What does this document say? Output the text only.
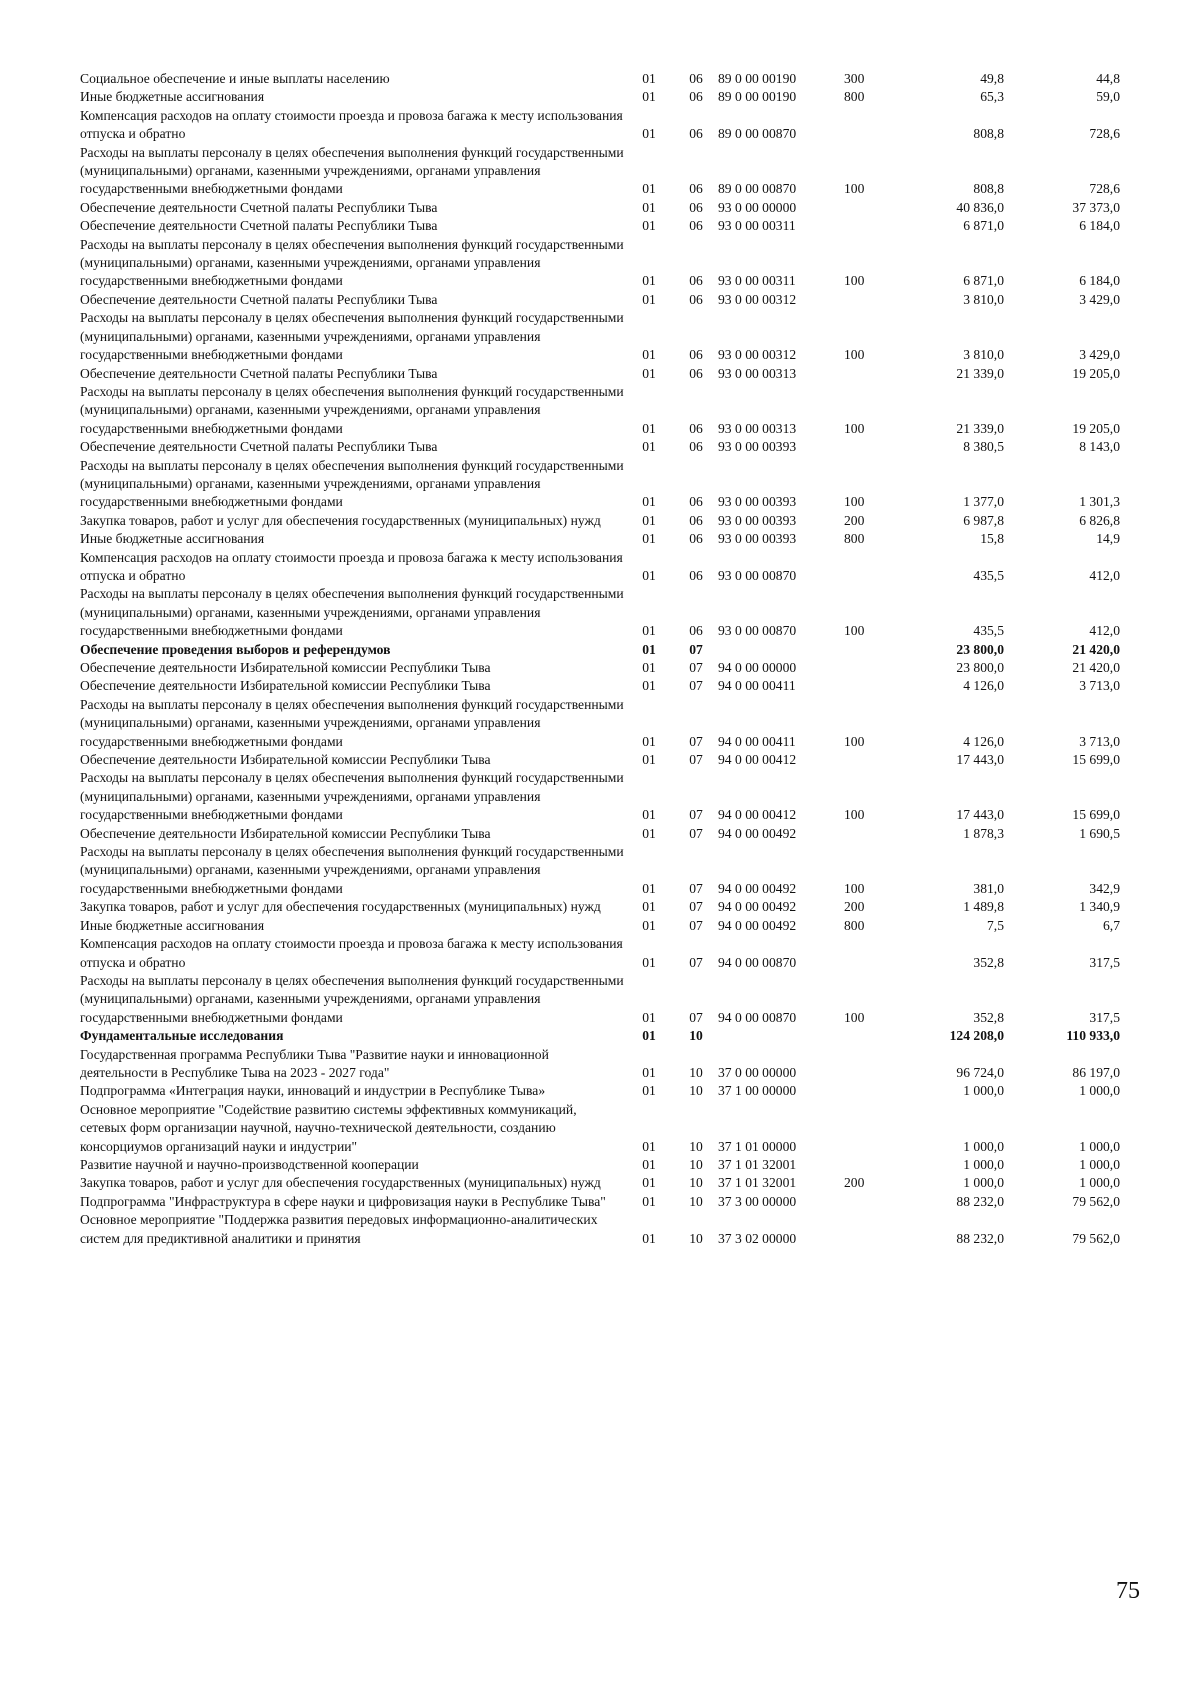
Социальное обеспечение и иные выплаты населению	01	06	89 0 00 00190	300	49,8	44,8
Иные бюджетные ассигнования	01	06	89 0 00 00190	800	65,3	59,0
Компенсация расходов на оплату стоимости проезда и провоза багажа к месту использования отпуска и обратно	01	06	89 0 00 00870		808,8	728,6
Расходы на выплаты персоналу в целях обеспечения выполнения функций государственными (муниципальными) органами, казенными учреждениями, органами управления государственными внебюджетными фондами	01	06	89 0 00 00870	100	808,8	728,6
Обеспечение деятельности Счетной палаты Республики Тыва	01	06	93 0 00 00000		40 836,0	37 373,0
Обеспечение деятельности Счетной палаты Республики Тыва	01	06	93 0 00 00311		6 871,0	6 184,0
Расходы на выплаты персоналу в целях обеспечения выполнения функций государственными (муниципальными) органами, казенными учреждениями, органами управления государственными внебюджетными фондами	01	06	93 0 00 00311	100	6 871,0	6 184,0
Обеспечение деятельности Счетной палаты Республики Тыва	01	06	93 0 00 00312		3 810,0	3 429,0
Расходы на выплаты персоналу в целях обеспечения выполнения функций государственными (муниципальными) органами, казенными учреждениями, органами управления государственными внебюджетными фондами	01	06	93 0 00 00312	100	3 810,0	3 429,0
Обеспечение деятельности Счетной палаты Республики Тыва	01	06	93 0 00 00313		21 339,0	19 205,0
Расходы на выплаты персоналу в целях обеспечения выполнения функций государственными (муниципальными) органами, казенными учреждениями, органами управления государственными внебюджетными фондами	01	06	93 0 00 00313	100	21 339,0	19 205,0
Обеспечение деятельности Счетной палаты Республики Тыва	01	06	93 0 00 00393		8 380,5	8 143,0
Расходы на выплаты персоналу в целях обеспечения выполнения функций государственными (муниципальными) органами, казенными учреждениями, органами управления государственными внебюджетными фондами	01	06	93 0 00 00393	100	1 377,0	1 301,3
Закупка товаров, работ и услуг для обеспечения государственных (муниципальных) нужд	01	06	93 0 00 00393	200	6 987,8	6 826,8
Иные бюджетные ассигнования	01	06	93 0 00 00393	800	15,8	14,9
Компенсация расходов на оплату стоимости проезда и провоза багажа к месту использования отпуска и обратно	01	06	93 0 00 00870		435,5	412,0
Расходы на выплаты персоналу в целях обеспечения выполнения функций государственными (муниципальными) органами, казенными учреждениями, органами управления государственными внебюджетными фондами	01	06	93 0 00 00870	100	435,5	412,0
Обеспечение проведения выборов и референдумов	01	07			23 800,0	21 420,0
Обеспечение деятельности Избирательной комиссии Республики Тыва	01	07	94 0 00 00000		23 800,0	21 420,0
Обеспечение деятельности Избирательной комиссии Республики Тыва	01	07	94 0 00 00411		4 126,0	3 713,0
Расходы на выплаты персоналу в целях обеспечения выполнения функций государственными (муниципальными) органами, казенными учреждениями, органами управления государственными внебюджетными фондами	01	07	94 0 00 00411	100	4 126,0	3 713,0
Обеспечение деятельности Избирательной комиссии Республики Тыва	01	07	94 0 00 00412		17 443,0	15 699,0
Расходы на выплаты персоналу в целях обеспечения выполнения функций государственными (муниципальными) органами, казенными учреждениями, органами управления государственными внебюджетными фондами	01	07	94 0 00 00412	100	17 443,0	15 699,0
Обеспечение деятельности Избирательной комиссии Республики Тыва	01	07	94 0 00 00492		1 878,3	1 690,5
Расходы на выплаты персоналу в целях обеспечения выполнения функций государственными (муниципальными) органами, казенными учреждениями, органами управления государственными внебюджетными фондами	01	07	94 0 00 00492	100	381,0	342,9
Закупка товаров, работ и услуг для обеспечения государственных (муниципальных) нужд	01	07	94 0 00 00492	200	1 489,8	1 340,9
Иные бюджетные ассигнования	01	07	94 0 00 00492	800	7,5	6,7
Компенсация расходов на оплату стоимости проезда и провоза багажа к месту использования отпуска и обратно	01	07	94 0 00 00870		352,8	317,5
Расходы на выплаты персоналу в целях обеспечения выполнения функций государственными (муниципальными) органами, казенными учреждениями, органами управления государственными внебюджетными фондами	01	07	94 0 00 00870	100	352,8	317,5
Фундаментальные исследования	01	10			124 208,0	110 933,0
Государственная программа Республики Тыва "Развитие науки и инновационной деятельности в Республике Тыва на 2023 - 2027 года"	01	10	37 0 00 00000		96 724,0	86 197,0
Подпрограмма «Интеграция науки, инноваций и индустрии в Республике Тыва»	01	10	37 1 00 00000		1 000,0	1 000,0
Основное мероприятие "Содействие развитию системы эффективных коммуникаций, сетевых форм организации научной, научно-технической деятельности, созданию консорциумов организаций науки и индустрии"	01	10	37 1 01 00000		1 000,0	1 000,0
Развитие научной и научно-производственной кооперации	01	10	37 1 01 32001		1 000,0	1 000,0
Закупка товаров, работ и услуг для обеспечения государственных (муниципальных) нужд	01	10	37 1 01 32001	200	1 000,0	1 000,0
Подпрограмма "Инфраструктура в сфере науки и цифровизация науки в Республике Тыва"	01	10	37 3 00 00000		88 232,0	79 562,0
Основное мероприятие "Поддержка развития передовых информационно-аналитических систем для предиктивной аналитики и принятия	01	10	37 3 02 00000		88 232,0	79 562,0
75
